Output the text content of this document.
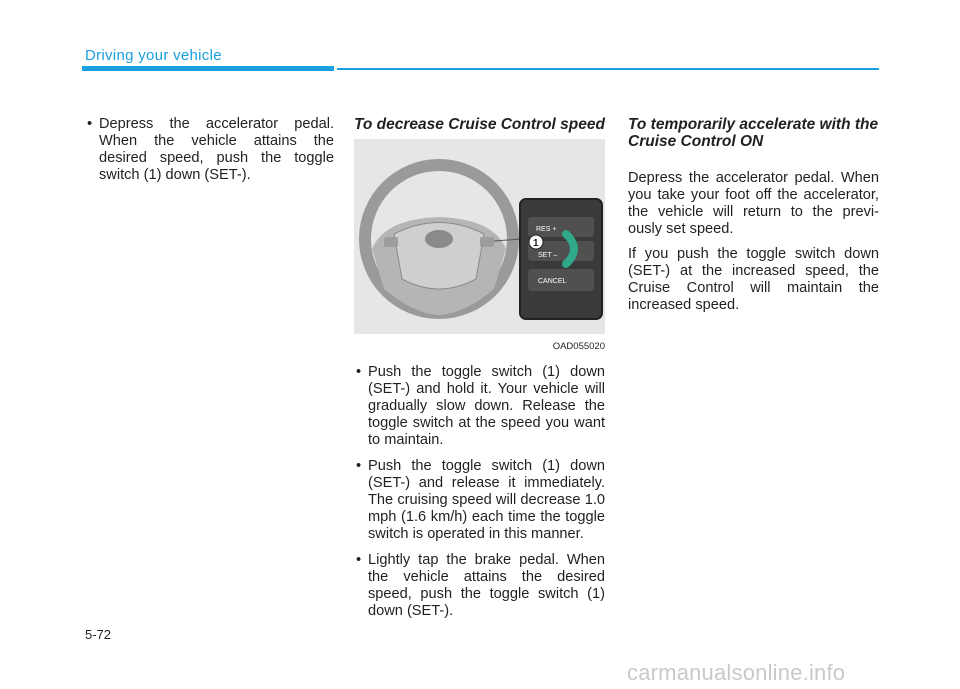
Driving your vehicle
• Depress the accelerator pedal. When the vehicle attains the desired speed, push the toggle switch (1) down (SET-).
To decrease Cruise Control speed
RES +
SET –
CANCEL
1
OAD055020
• Push the toggle switch (1) down (SET-) and hold it. Your vehicle will gradually slow down. Release the toggle switch at the speed you want to maintain.
• Push the toggle switch (1) down (SET-) and release it immediately. The cruising speed will decrease 1.0 mph (1.6 km/h) each time the toggle switch is operated in this manner.
• Lightly tap the brake pedal. When the vehicle attains the desired speed, push the toggle switch (1) down (SET-).
To temporarily accelerate with the Cruise Control ON

Depress the accelerator pedal. When you take your foot off the accelerator, the vehicle will return to the previ-ously set speed.

If you push the toggle switch down (SET-) at the increased speed, the Cruise Control will maintain the increased speed.

5-72
carmanualsonline.info
